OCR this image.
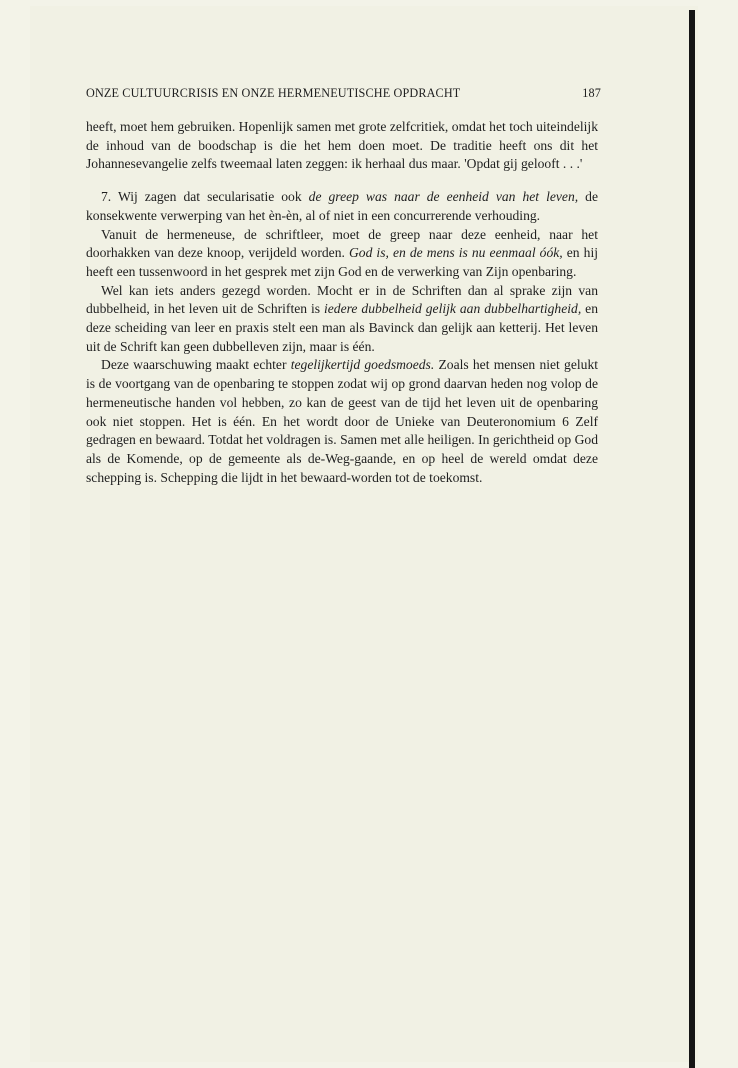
ONZE CULTUURCRISIS EN ONZE HERMENEUTISCHE OPDRACHT	187

heeft, moet hem gebruiken. Hopenlijk samen met grote zelfcritiek, omdat het toch uiteindelijk de inhoud van de boodschap is die het hem doen moet. De traditie heeft ons dit het Johannesevangelie zelfs tweemaal laten zeggen: ik herhaal dus maar. 'Opdat gij gelooft . . .'

7. Wij zagen dat secularisatie ook de greep was naar de eenheid van het leven, de konsekwente verwerping van het èn-èn, al of niet in een concurrerende verhouding.

Vanuit de hermeneuse, de schriftleer, moet de greep naar deze eenheid, naar het doorhakken van deze knoop, verijdeld worden. God is, en de mens is nu eenmaal óók, en hij heeft een tussenwoord in het gesprek met zijn God en de verwerking van Zijn openbaring.

Wel kan iets anders gezegd worden. Mocht er in de Schriften dan al sprake zijn van dubbelheid, in het leven uit de Schriften is iedere dubbelheid gelijk aan dubbelhartigheid, en deze scheiding van leer en praxis stelt een man als Bavinck dan gelijk aan ketterij. Het leven uit de Schrift kan geen dubbelleven zijn, maar is één.

Deze waarschuwing maakt echter tegelijkertijd goedsmoeds. Zoals het mensen niet gelukt is de voortgang van de openbaring te stoppen zodat wij op grond daarvan heden nog volop de hermeneutische handen vol hebben, zo kan de geest van de tijd het leven uit de openbaring ook niet stoppen. Het is één. En het wordt door de Unieke van Deuteronomium 6 Zelf gedragen en bewaard. Totdat het voldragen is. Samen met alle heiligen. In gerichtheid op God als de Komende, op de gemeente als de-Weg-gaande, en op heel de wereld omdat deze schepping is. Schepping die lijdt in het bewaard-worden tot de toekomst.
